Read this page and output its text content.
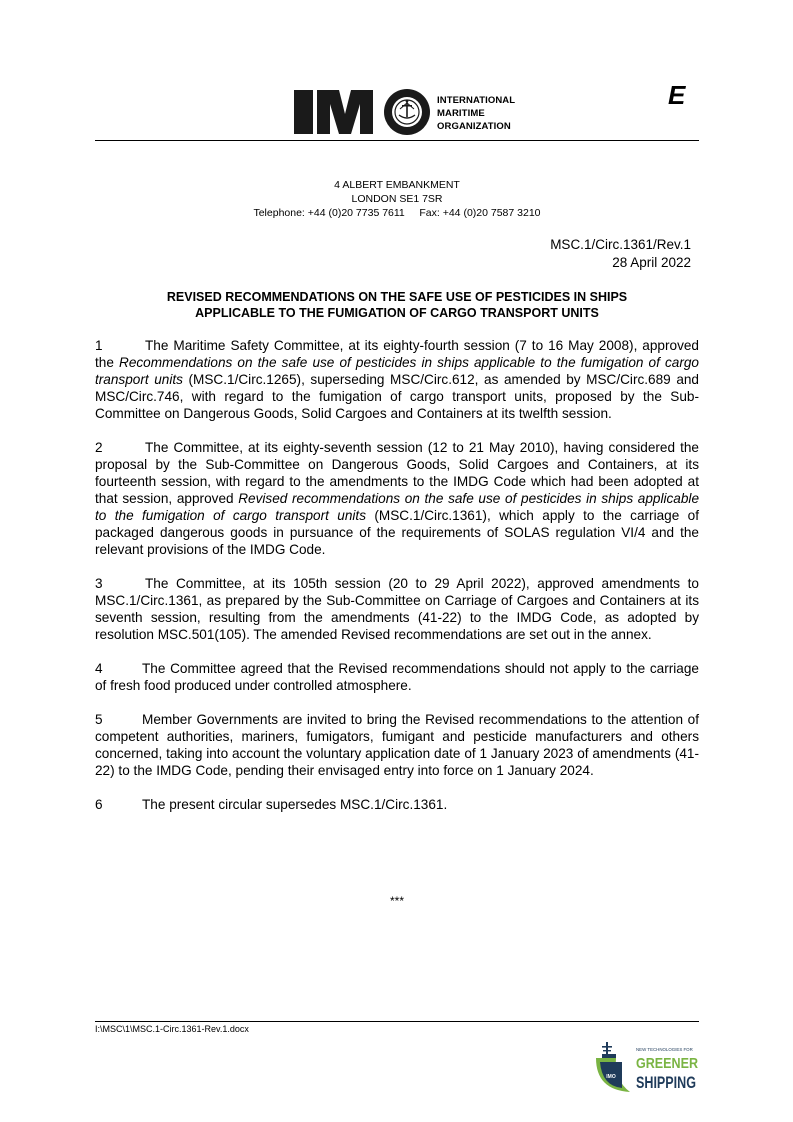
INTERNATIONAL
MARITIME
ORGANIZATION
E
4 ALBERT EMBANKMENT
LONDON SE1 7SR
Telephone: +44 (0)20 7735 7611 Fax: +44 (0)20 7587 3210
MSC.1/Circ.1361/Rev.1
28 April 2022
REVISED RECOMMENDATIONS ON THE SAFE USE OF PESTICIDES IN SHIPS
APPLICABLE TO THE FUMIGATION OF CARGO TRANSPORT UNITS

1	The Maritime Safety Committee, at its eighty-fourth session (7 to 16 May 2008), approved the Recommendations on the safe use of pesticides in ships applicable to the fumigation of cargo transport units (MSC.1/Circ.1265), superseding MSC/Circ.612, as amended by MSC/Circ.689 and MSC/Circ.746, with regard to the fumigation of cargo transport units, proposed by the Sub-Committee on Dangerous Goods, Solid Cargoes and Containers at its twelfth session.

2	The Committee, at its eighty-seventh session (12 to 21 May 2010), having considered the proposal by the Sub-Committee on Dangerous Goods, Solid Cargoes and Containers, at its fourteenth session, with regard to the amendments to the IMDG Code which had been adopted at that session, approved Revised recommendations on the safe use of pesticides in ships applicable to the fumigation of cargo transport units (MSC.1/Circ.1361), which apply to the carriage of packaged dangerous goods in pursuance of the requirements of SOLAS regulation VI/4 and the relevant provisions of the IMDG Code.

3	The Committee, at its 105th session (20 to 29 April 2022), approved amendments to MSC.1/Circ.1361, as prepared by the Sub-Committee on Carriage of Cargoes and Containers at its seventh session, resulting from the amendments (41-22) to the IMDG Code, as adopted by resolution MSC.501(105). The amended Revised recommendations are set out in the annex.

4	The Committee agreed that the Revised recommendations should not apply to the carriage of fresh food produced under controlled atmosphere.

5	Member Governments are invited to bring the Revised recommendations to the attention of competent authorities, mariners, fumigators, fumigant and pesticide manufacturers and others concerned, taking into account the voluntary application date of 1 January 2023 of amendments (41-22) to the IMDG Code, pending their envisaged entry into force on 1 January 2024.

6	The present circular supersedes MSC.1/Circ.1361.

***
I:\MSC\1\MSC.1-Circ.1361-Rev.1.docx
IMO
NEW TECHNOLOGIES FOR
GREENER
SHIPPING
